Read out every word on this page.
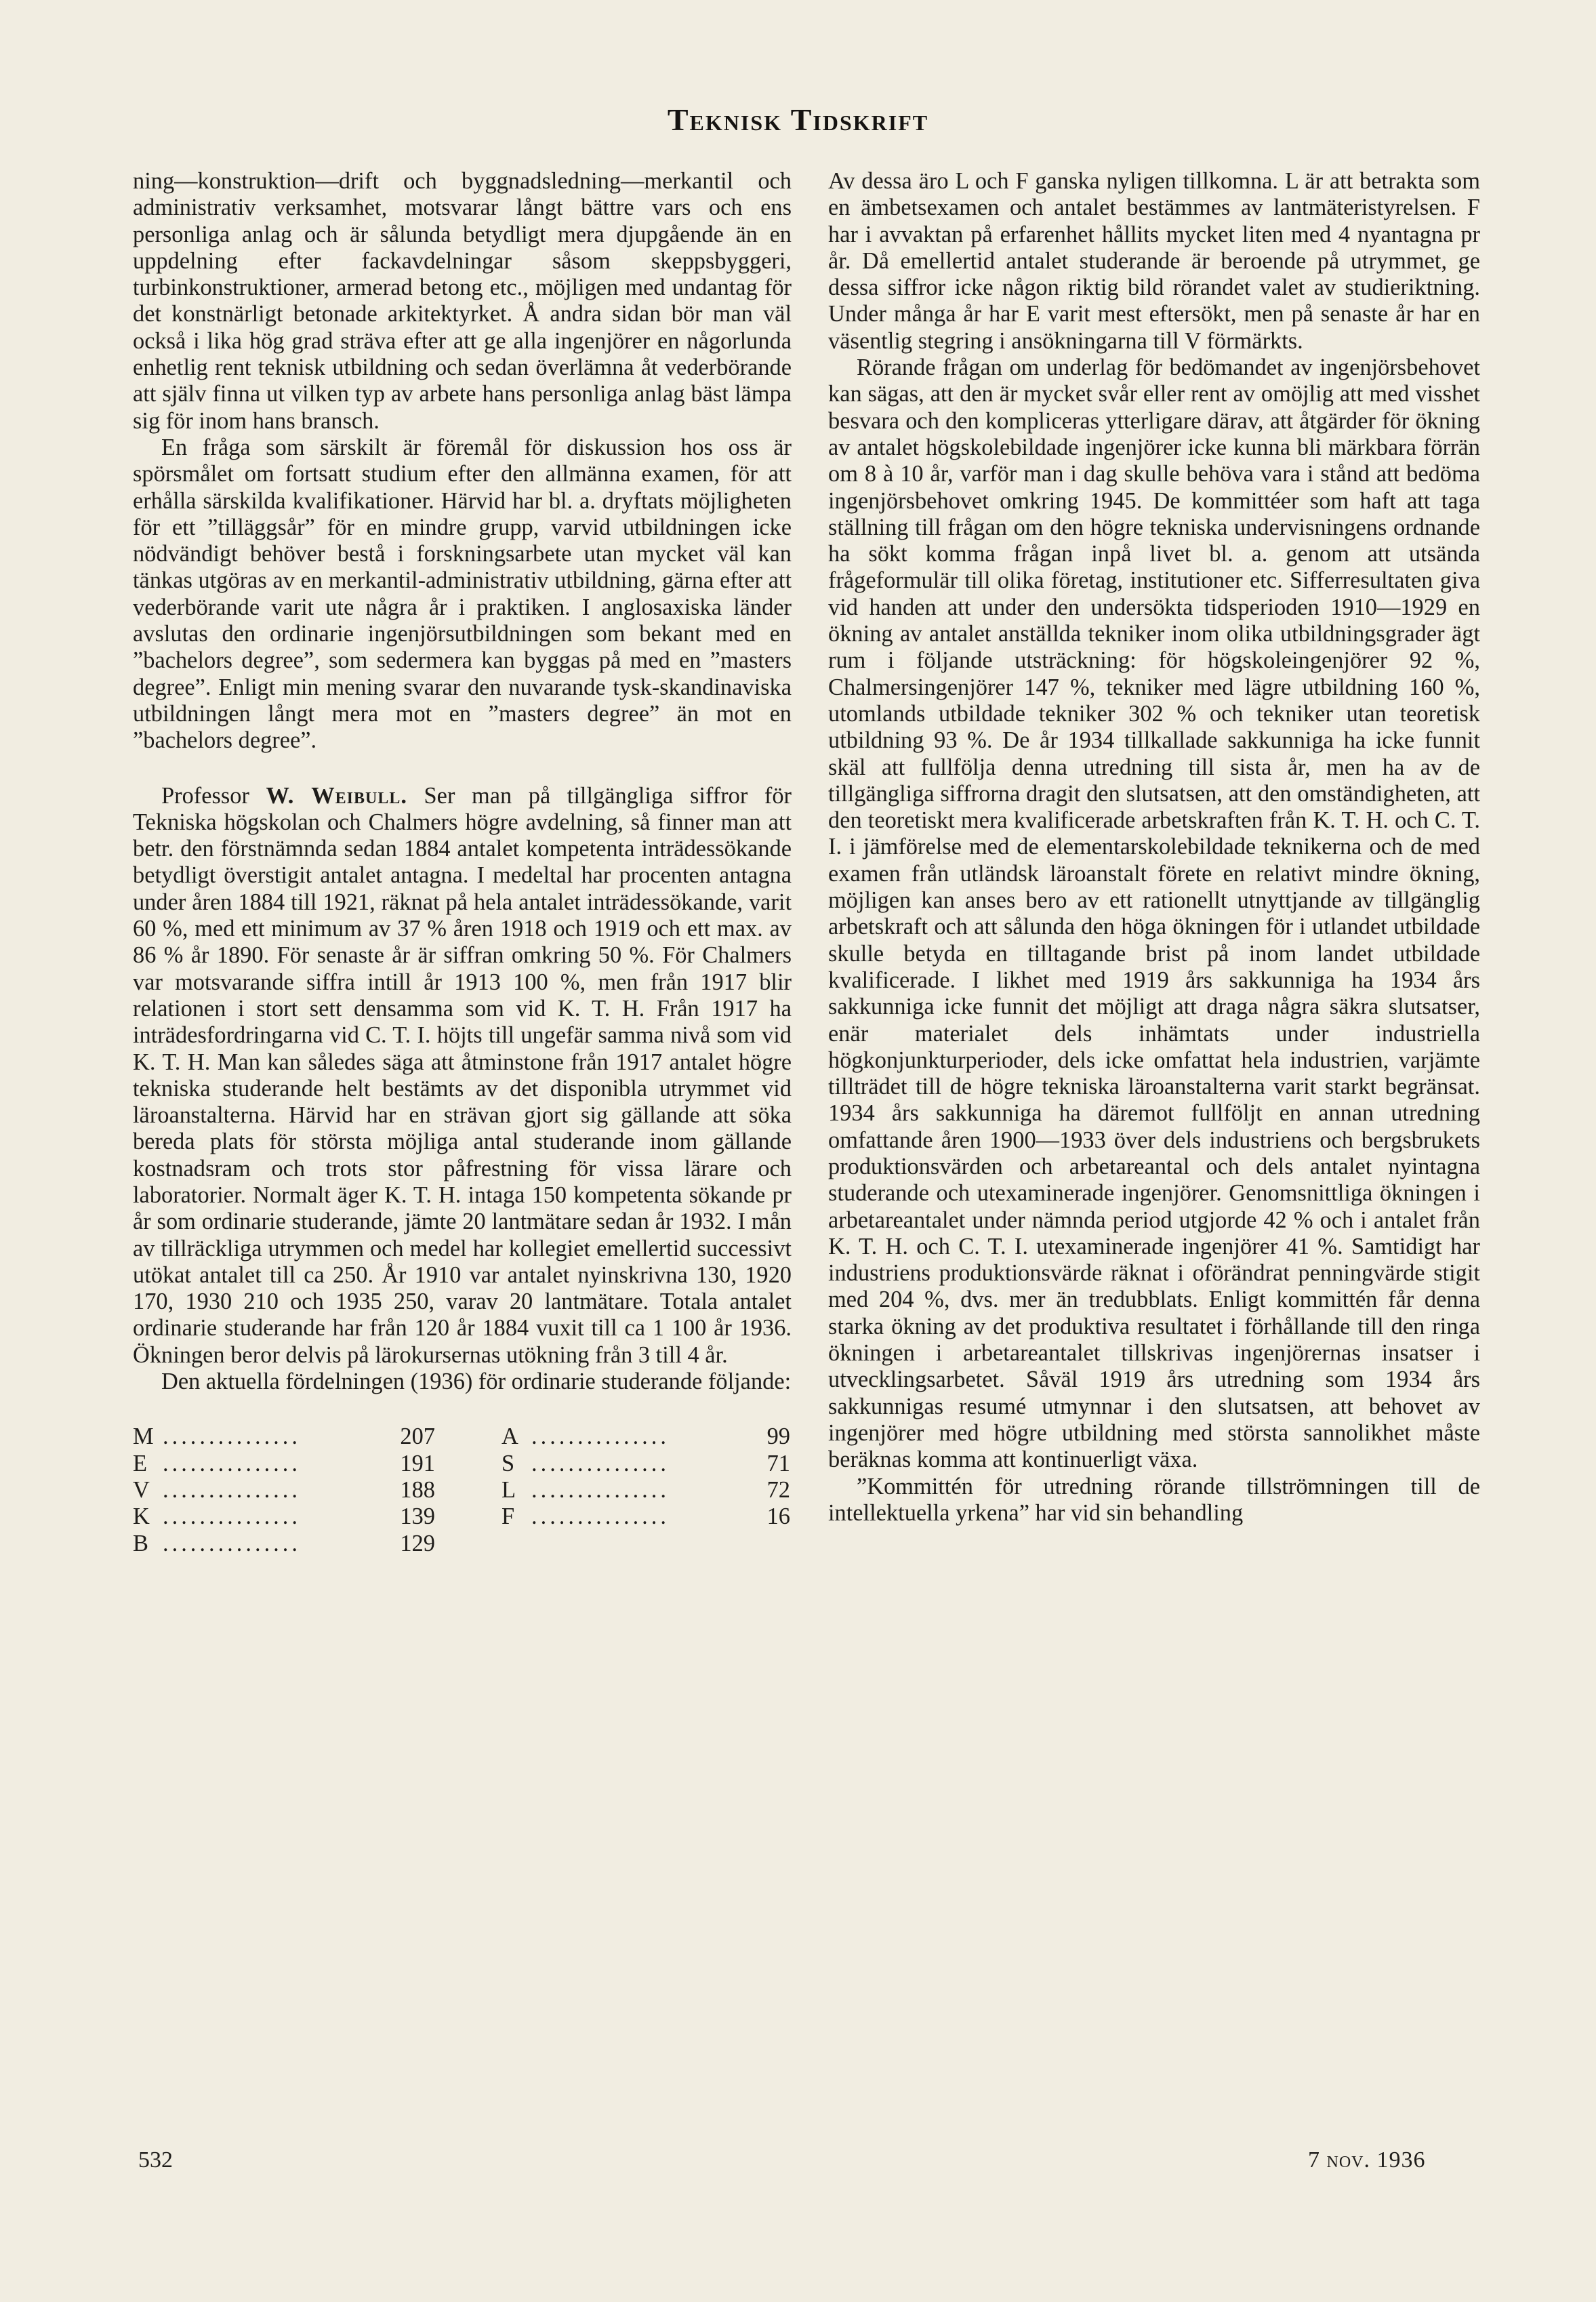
Teknisk Tidskrift

ning—konstruktion—drift och byggnadsledning—merkantil och administrativ verksamhet, motsvarar långt bättre vars och ens personliga anlag och är sålunda betydligt mera djupgående än en uppdelning efter fackavdelningar såsom skeppsbyggeri, turbinkonstruktioner, armerad betong etc., möjligen med undantag för det konstnärligt betonade arkitektyrket. Å andra sidan bör man väl också i lika hög grad sträva efter att ge alla ingenjörer en någorlunda enhetlig rent teknisk utbildning och sedan överlämna åt vederbörande att själv finna ut vilken typ av arbete hans personliga anlag bäst lämpa sig för inom hans bransch.

En fråga som särskilt är föremål för diskussion hos oss är spörsmålet om fortsatt studium efter den allmänna examen, för att erhålla särskilda kvalifikationer. Härvid har bl. a. dryftats möjligheten för ett ”tilläggsår” för en mindre grupp, varvid utbildningen icke nödvändigt behöver bestå i forskningsarbete utan mycket väl kan tänkas utgöras av en merkantil-administrativ utbildning, gärna efter att vederbörande varit ute några år i praktiken. I anglosaxiska länder avslutas den ordinarie ingenjörsutbildningen som bekant med en ”bachelors degree”, som sedermera kan byggas på med en ”masters degree”. Enligt min mening svarar den nuvarande tysk-skandinaviska utbildningen långt mera mot en ”masters degree” än mot en ”bachelors degree”.

Professor W. Weibull. Ser man på tillgängliga siffror för Tekniska högskolan och Chalmers högre avdelning, så finner man att betr. den förstnämnda sedan 1884 antalet kompetenta inträdessökande betydligt överstigit antalet antagna. I medeltal har procenten antagna under åren 1884 till 1921, räknat på hela antalet inträdessökande, varit 60 %, med ett minimum av 37 % åren 1918 och 1919 och ett max. av 86 % år 1890. För senaste år är siffran omkring 50 %. För Chalmers var motsvarande siffra intill år 1913 100 %, men från 1917 blir relationen i stort sett densamma som vid K. T. H. Från 1917 ha inträdesfordringarna vid C. T. I. höjts till ungefär samma nivå som vid K. T. H. Man kan således säga att åtminstone från 1917 antalet högre tekniska studerande helt bestämts av det disponibla utrymmet vid läroanstalterna. Härvid har en strävan gjort sig gällande att söka bereda plats för största möjliga antal studerande inom gällande kostnadsram och trots stor påfrestning för vissa lärare och laboratorier. Normalt äger K. T. H. intaga 150 kompetenta sökande pr år som ordinarie studerande, jämte 20 lantmätare sedan år 1932. I mån av tillräckliga utrymmen och medel har kollegiet emellertid successivt utökat antalet till ca 250. År 1910 var antalet nyinskrivna 130, 1920 170, 1930 210 och 1935 250, varav 20 lantmätare. Totala antalet ordinarie studerande har från 120 år 1884 vuxit till ca 1 100 år 1936. Ökningen beror delvis på lärokursernas utökning från 3 till 4 år.

Den aktuella fördelningen (1936) för ordinarie studerande följande:

M ...............	207
E ...............	191
V ...............	188
K ...............	139
B ...............	129
A ...............	99
S ...............	71
L ...............	72
F ...............	16

Av dessa äro L och F ganska nyligen tillkomna. L är att betrakta som en ämbetsexamen och antalet bestämmes av lantmäteristyrelsen. F har i avvaktan på erfarenhet hållits mycket liten med 4 nyantagna pr år. Då emellertid antalet studerande är beroende på utrymmet, ge dessa siffror icke någon riktig bild rörandet valet av studieriktning. Under många år har E varit mest eftersökt, men på senaste år har en väsentlig stegring i ansökningarna till V förmärkts.

Rörande frågan om underlag för bedömandet av ingenjörsbehovet kan sägas, att den är mycket svår eller rent av omöjlig att med visshet besvara och den kompliceras ytterligare därav, att åtgärder för ökning av antalet högskolebildade ingenjörer icke kunna bli märkbara förrän om 8 à 10 år, varför man i dag skulle behöva vara i stånd att bedöma ingenjörsbehovet omkring 1945. De kommittéer som haft att taga ställning till frågan om den högre tekniska undervisningens ordnande ha sökt komma frågan inpå livet bl. a. genom att utsända frågeformulär till olika företag, institutioner etc. Sifferresultaten giva vid handen att under den undersökta tidsperioden 1910—1929 en ökning av antalet anställda tekniker inom olika utbildningsgrader ägt rum i följande utsträckning: för högskoleingenjörer 92 %, Chalmersingenjörer 147 %, tekniker med lägre utbildning 160 %, utomlands utbildade tekniker 302 % och tekniker utan teoretisk utbildning 93 %. De år 1934 tillkallade sakkunniga ha icke funnit skäl att fullfölja denna utredning till sista år, men ha av de tillgängliga siffrorna dragit den slutsatsen, att den omständigheten, att den teoretiskt mera kvalificerade arbetskraften från K. T. H. och C. T. I. i jämförelse med de elementarskolebildade teknikerna och de med examen från utländsk läroanstalt förete en relativt mindre ökning, möjligen kan anses bero av ett rationellt utnyttjande av tillgänglig arbetskraft och att sålunda den höga ökningen för i utlandet utbildade skulle betyda en tilltagande brist på inom landet utbildade kvalificerade. I likhet med 1919 års sakkunniga ha 1934 års sakkunniga icke funnit det möjligt att draga några säkra slutsatser, enär materialet dels inhämtats under industriella högkonjunkturperioder, dels icke omfattat hela industrien, varjämte tillträdet till de högre tekniska läroanstalterna varit starkt begränsat. 1934 års sakkunniga ha däremot fullföljt en annan utredning omfattande åren 1900—1933 över dels industriens och bergsbrukets produktionsvärden och arbetareantal och dels antalet nyintagna studerande och utexaminerade ingenjörer. Genomsnittliga ökningen i arbetareantalet under nämnda period utgjorde 42 % och i antalet från K. T. H. och C. T. I. utexaminerade ingenjörer 41 %. Samtidigt har industriens produktionsvärde räknat i oförändrat penningvärde stigit med 204 %, dvs. mer än tredubblats. Enligt kommittén får denna starka ökning av det produktiva resultatet i förhållande till den ringa ökningen i arbetareantalet tillskrivas ingenjörernas insatser i utvecklingsarbetet. Såväl 1919 års utredning som 1934 års sakkunnigas resumé utmynnar i den slutsatsen, att behovet av ingenjörer med högre utbildning med största sannolikhet måste beräknas komma att kontinuerligt växa.

”Kommittén för utredning rörande tillströmningen till de intellektuella yrkena” har vid sin behandling

532	7 nov. 1936
